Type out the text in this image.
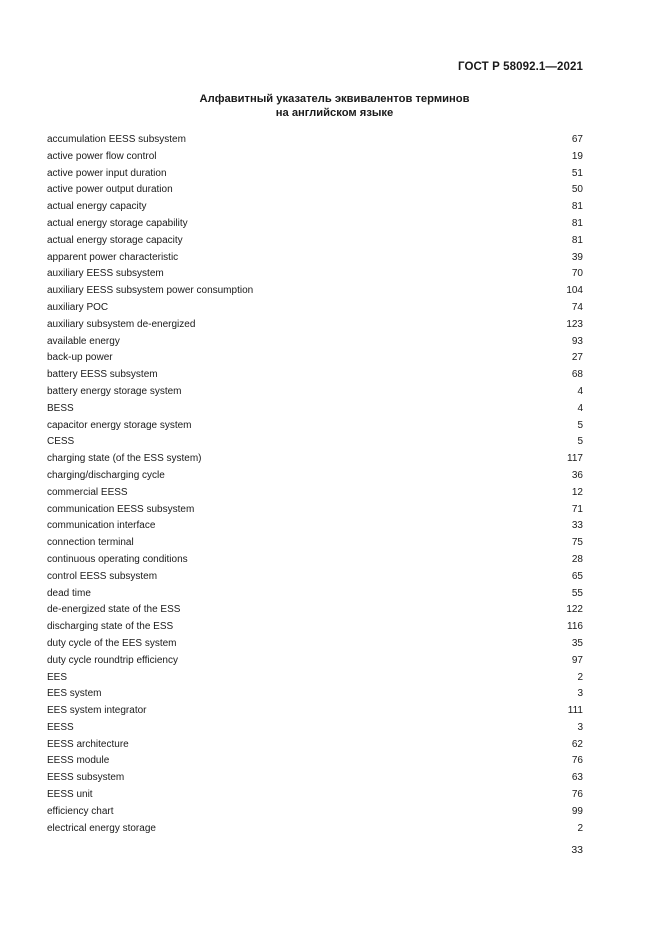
ГОСТ Р 58092.1—2021
Алфавитный указатель эквивалентов терминов
на английском языке
accumulation EESS subsystem	67
active power flow control	19
active power input duration	51
active power output duration	50
actual energy capacity	81
actual energy storage capability	81
actual energy storage capacity	81
apparent power characteristic	39
auxiliary EESS subsystem	70
auxiliary EESS subsystem power consumption	104
auxiliary POC	74
auxiliary subsystem de-energized	123
available energy	93
back-up power	27
battery EESS subsystem	68
battery energy storage system	4
BESS	4
capacitor energy storage system	5
CESS	5
charging state (of the ESS system)	117
charging/discharging cycle	36
commercial EESS	12
communication EESS subsystem	71
communication interface	33
connection terminal	75
continuous operating conditions	28
control EESS subsystem	65
dead time	55
de-energized state of the ESS	122
discharging state of the ESS	116
duty cycle of the EES system	35
duty cycle roundtrip efficiency	97
EES	2
EES system	3
EES system integrator	111
EESS	3
EESS architecture	62
EESS module	76
EESS subsystem	63
EESS unit	76
efficiency chart	99
electrical energy storage	2
33
